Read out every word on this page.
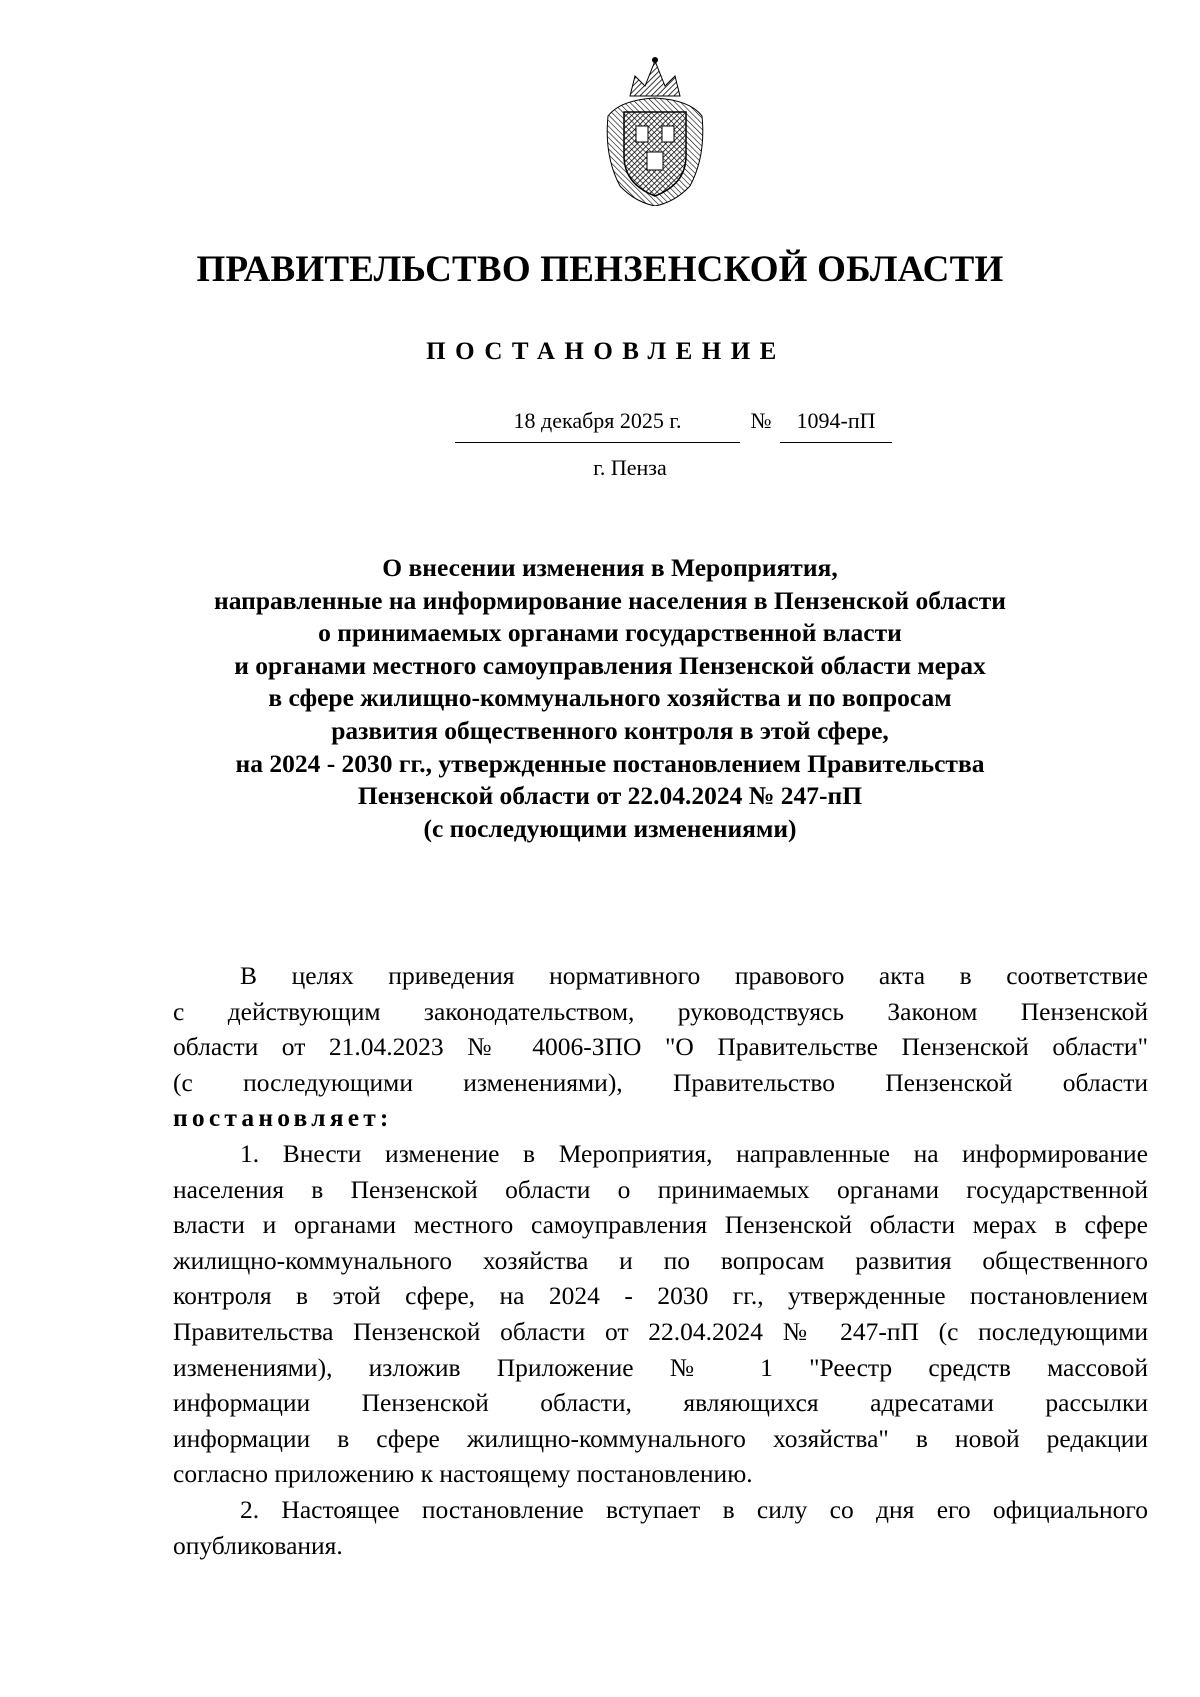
ПРАВИТЕЛЬСТВО ПЕНЗЕНСКОЙ ОБЛАСТИ
ПОСТАНОВЛЕНИЕ
18 декабря 2025 г.	№	1094-пП
г. Пенза
О внесении изменения в Мероприятия,
направленные на информирование населения в Пензенской области
о принимаемых органами государственной власти
и органами местного самоуправления Пензенской области мерах
в сфере жилищно-коммунального хозяйства и по вопросам
развития общественного контроля в этой сфере,
на 2024 - 2030 гг., утвержденные постановлением Правительства
Пензенской области от 22.04.2024 № 247-пП
(с последующими изменениями)
В целях приведения нормативного правового акта в соответствие
с действующим законодательством, руководствуясь Законом Пензенской
области от 21.04.2023 № 4006-ЗПО "О Правительстве Пензенской области"
(с последующими изменениями), Правительство Пензенской области
постановляет:
1. Внести изменение в Мероприятия, направленные на информирование
населения в Пензенской области о принимаемых органами государственной
власти и органами местного самоуправления Пензенской области мерах в сфере
жилищно-коммунального хозяйства и по вопросам развития общественного
контроля в этой сфере, на 2024 - 2030 гг., утвержденные постановлением
Правительства Пензенской области от 22.04.2024 № 247-пП (с последующими
изменениями), изложив Приложение № 1 "Реестр средств массовой
информации Пензенской области, являющихся адресатами рассылки
информации в сфере жилищно-коммунального хозяйства" в новой редакции
согласно приложению к настоящему постановлению.
2. Настоящее постановление вступает в силу со дня его официального
опубликования.
